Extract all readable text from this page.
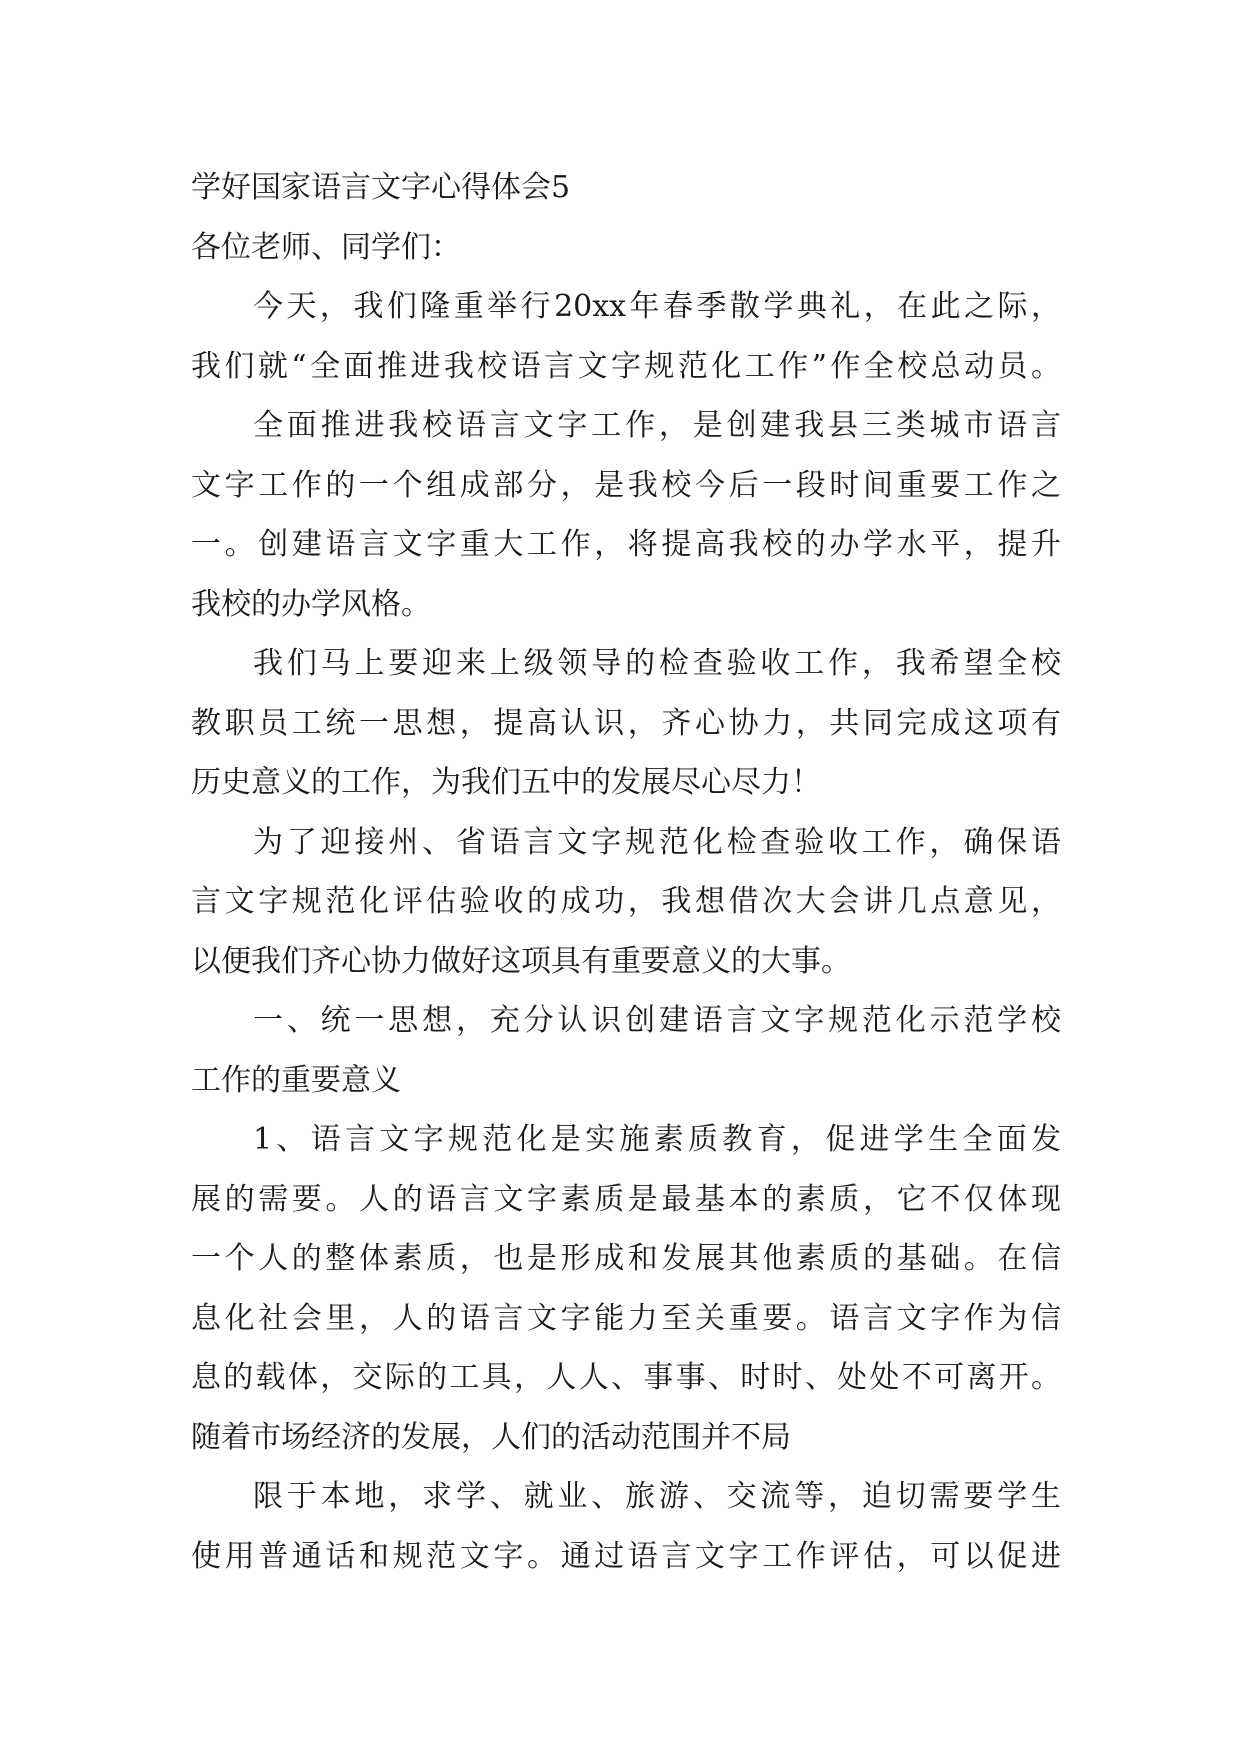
学好国家语言文字心得体会5
各位老师、同学们：
今天，我们隆重举行20xx年春季散学典礼，在此之际，
我们就“全面推进我校语言文字规范化工作”作全校总动员。
全面推进我校语言文字工作，是创建我县三类城市语言
文字工作的一个组成部分，是我校今后一段时间重要工作之
一。创建语言文字重大工作，将提高我校的办学水平，提升
我校的办学风格。
我们马上要迎来上级领导的检查验收工作，我希望全校
教职员工统一思想，提高认识，齐心协力，共同完成这项有
历史意义的工作，为我们五中的发展尽心尽力！
为了迎接州、省语言文字规范化检查验收工作，确保语
言文字规范化评估验收的成功，我想借次大会讲几点意见，
以便我们齐心协力做好这项具有重要意义的大事。
一、统一思想，充分认识创建语言文字规范化示范学校
工作的重要意义
1、语言文字规范化是实施素质教育，促进学生全面发
展的需要。人的语言文字素质是最基本的素质，它不仅体现
一个人的整体素质，也是形成和发展其他素质的基础。在信
息化社会里，人的语言文字能力至关重要。语言文字作为信
息的载体，交际的工具，人人、事事、时时、处处不可离开。
随着市场经济的发展，人们的活动范围并不局
限于本地，求学、就业、旅游、交流等，迫切需要学生
使用普通话和规范文字。通过语言文字工作评估，可以促进
